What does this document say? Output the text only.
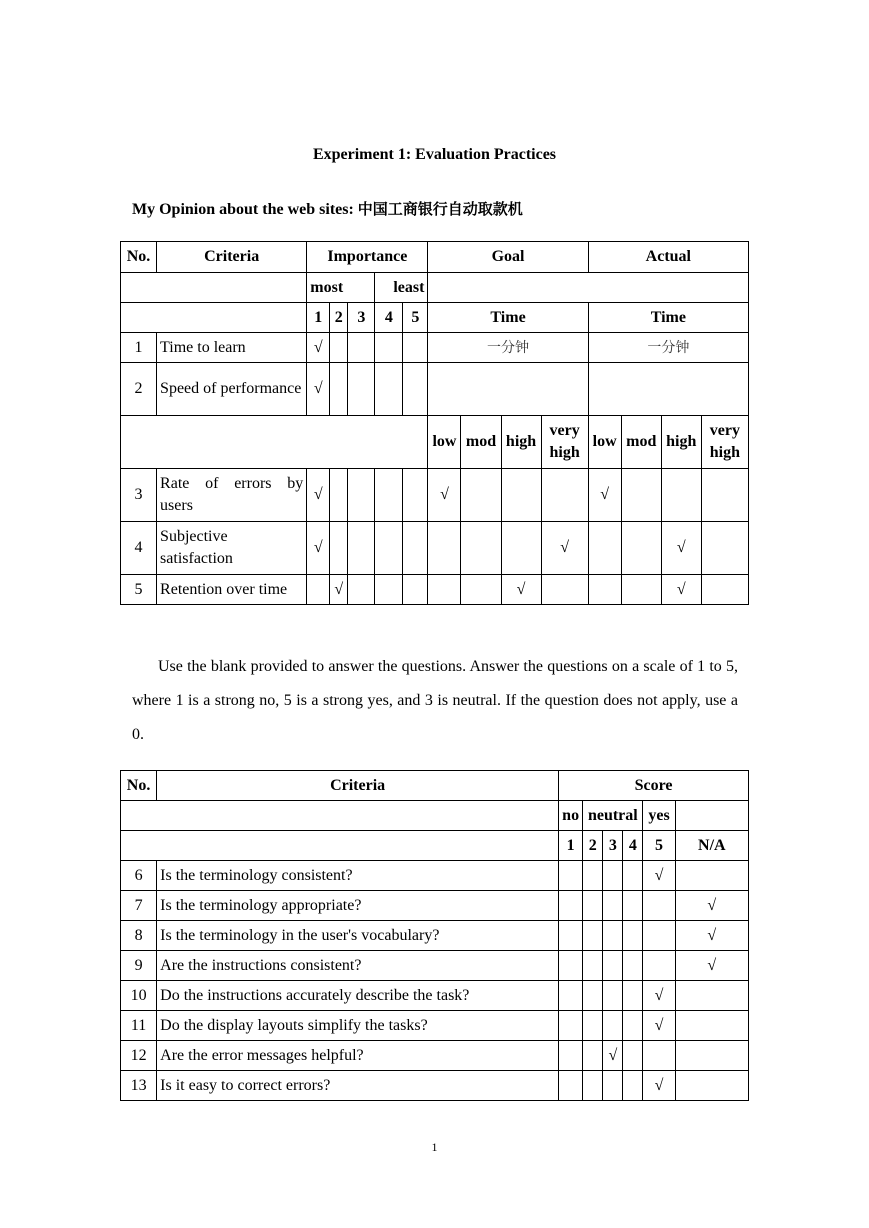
Experiment 1: Evaluation Practices
My Opinion about the web sites: 中国工商银行自动取款机
No.	Criteria	Importance					Goal				Actual			
		most			least									
		1	2	3	4	5	Time				Time			
1	Time to learn	√					一分钟				一分钟			
2	Speed of performance	√												
							low	mod	high	very high	low	mod	high	very high
3	Rate of errors by users	√					√				√			
4	Subjective satisfaction	√								√			√	
5	Retention over time		√						√				√	

Use the blank provided to answer the questions. Answer the questions on a scale of 1 to 5, where 1 is a strong no, 5 is a strong yes, and 3 is neutral. If the question does not apply, use a 0.

No.	Criteria	Score					
		no	neutral			yes	
		1	2	3	4	5	N/A
6	Is the terminology consistent?					√	
7	Is the terminology appropriate?						√
8	Is the terminology in the user's vocabulary?						√
9	Are the instructions consistent?						√
10	Do the instructions accurately describe the task?					√	
11	Do the display layouts simplify the tasks?					√	
12	Are the error messages helpful?			√			
13	Is it easy to correct errors?					√	
1
